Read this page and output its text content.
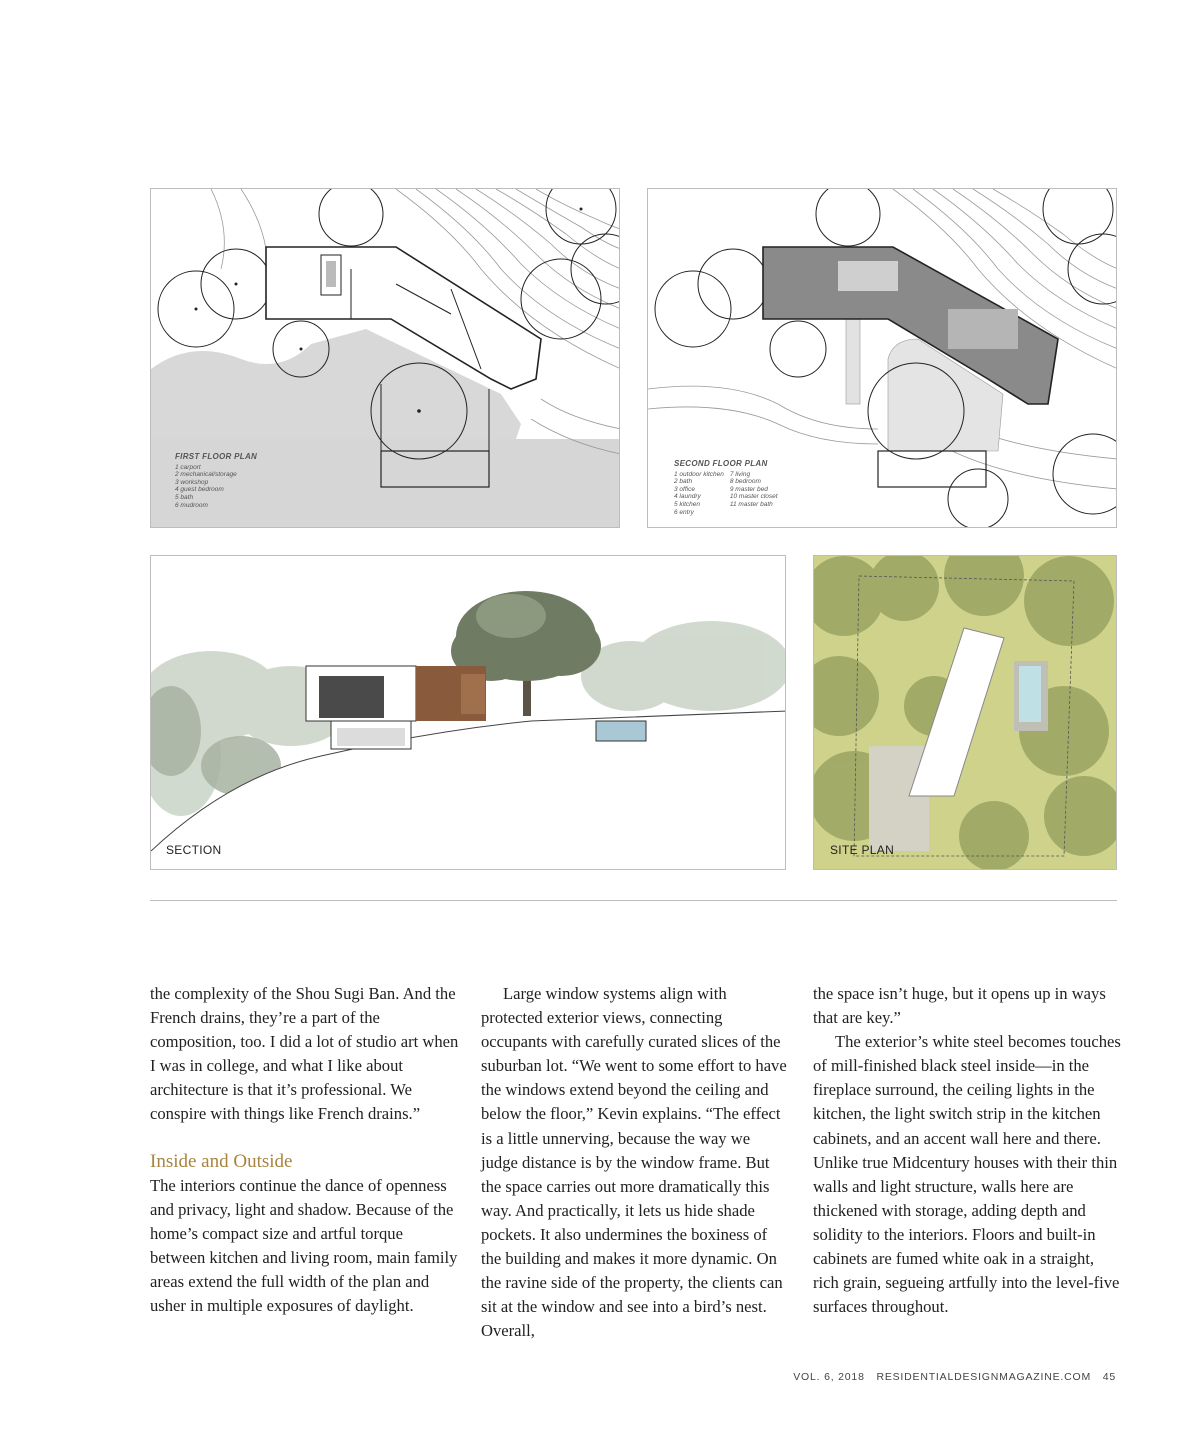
FIRST FLOOR PLAN
1 carport
2 mechanical/storage
3 workshop
4 guest bedroom
5 bath
6 mudroom
SECOND FLOOR PLAN
1 outdoor kitchen
2 bath
3 office
4 laundry
5 kitchen
6 entry
7 living
8 bedroom
9 master bed
10 master closet
11 master bath
SECTION	SITE PLAN

the complexity of the Shou Sugi Ban. And the French drains, they’re a part of the composition, too. I did a lot of studio art when I was in college, and what I like about architecture is that it’s professional. We conspire with things like French drains.”

Inside and Outside

The interiors continue the dance of openness and privacy, light and shadow. Because of the home’s compact size and artful torque between kitchen and living room, main family areas extend the full width of the plan and usher in multiple exposures of daylight.

Large window systems align with protected exterior views, connecting occupants with carefully curated slices of the suburban lot. “We went to some effort to have the windows extend beyond the ceiling and below the floor,” Kevin explains. “The effect is a little unnerving, because the way we judge distance is by the window frame. But the space carries out more dramatically this way. And practically, it lets us hide shade pockets. It also undermines the boxiness of the building and makes it more dynamic. On the ravine side of the property, the clients can sit at the window and see into a bird’s nest. Overall,

the space isn’t huge, but it opens up in ways that are key.”

The exterior’s white steel becomes touches of mill-finished black steel inside—in the fireplace surround, the ceiling lights in the kitchen, the light switch strip in the kitchen cabinets, and an accent wall here and there. Unlike true Midcentury houses with their thin walls and light structure, walls here are thickened with storage, adding depth and solidity to the interiors. Floors and built-in cabinets are fumed white oak in a straight, rich grain, segueing artfully into the level-five surfaces throughout.

VOL. 6, 2018 RESIDENTIALDESIGNMAGAZINE.COM 45
